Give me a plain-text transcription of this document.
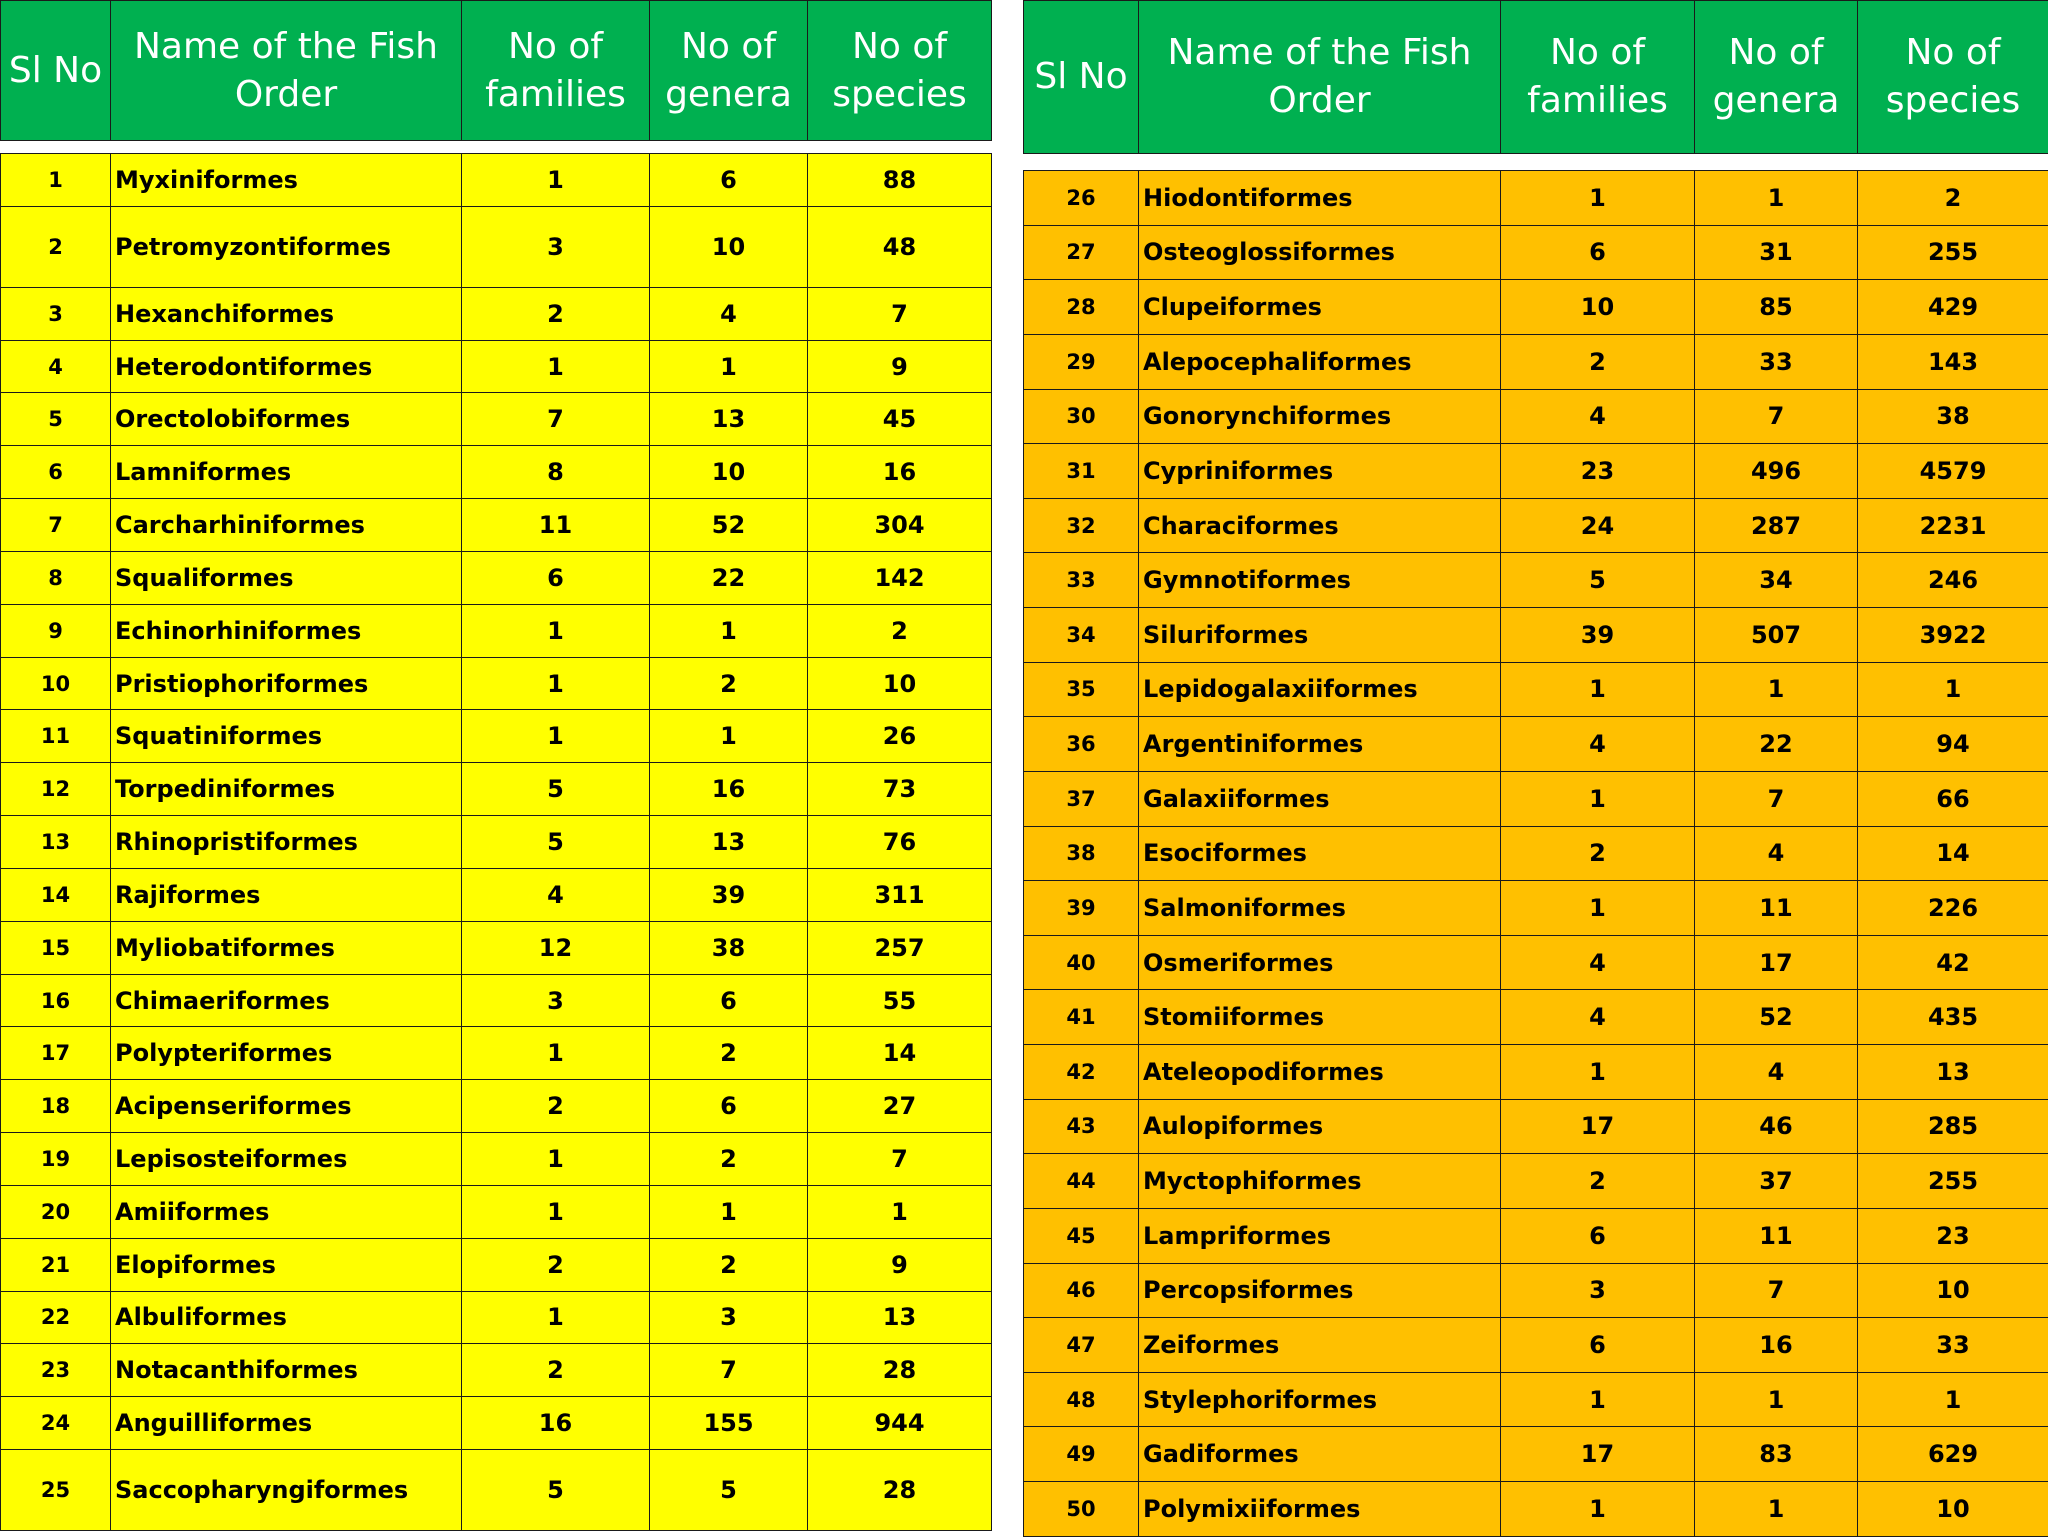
Sl No	Name of the Fish Order	No of families	No of genera	No of species
1	Myxiniformes	1	6	88
2	Petromyzontiformes	3	10	48
3	Hexanchiformes	2	4	7
4	Heterodontiformes	1	1	9
5	Orectolobiformes	7	13	45
6	Lamniformes	8	10	16
7	Carcharhiniformes	11	52	304
8	Squaliformes	6	22	142
9	Echinorhiniformes	1	1	2
10	Pristiophoriformes	1	2	10
11	Squatiniformes	1	1	26
12	Torpediniformes	5	16	73
13	Rhinopristiformes	5	13	76
14	Rajiformes	4	39	311
15	Myliobatiformes	12	38	257
16	Chimaeriformes	3	6	55
17	Polypteriformes	1	2	14
18	Acipenseriformes	2	6	27
19	Lepisosteiformes	1	2	7
20	Amiiformes	1	1	1
21	Elopiformes	2	2	9
22	Albuliformes	1	3	13
23	Notacanthiformes	2	7	28
24	Anguilliformes	16	155	944
25	Saccopharyngiformes	5	5	28
Sl No	Name of the Fish Order	No of families	No of genera	No of species
26	Hiodontiformes	1	1	2
27	Osteoglossiformes	6	31	255
28	Clupeiformes	10	85	429
29	Alepocephaliformes	2	33	143
30	Gonorynchiformes	4	7	38
31	Cypriniformes	23	496	4579
32	Characiformes	24	287	2231
33	Gymnotiformes	5	34	246
34	Siluriformes	39	507	3922
35	Lepidogalaxiiformes	1	1	1
36	Argentiniformes	4	22	94
37	Galaxiiformes	1	7	66
38	Esociformes	2	4	14
39	Salmoniformes	1	11	226
40	Osmeriformes	4	17	42
41	Stomiiformes	4	52	435
42	Ateleopodiformes	1	4	13
43	Aulopiformes	17	46	285
44	Myctophiformes	2	37	255
45	Lampriformes	6	11	23
46	Percopsiformes	3	7	10
47	Zeiformes	6	16	33
48	Stylephoriformes	1	1	1
49	Gadiformes	17	83	629
50	Polymixiiformes	1	1	10
